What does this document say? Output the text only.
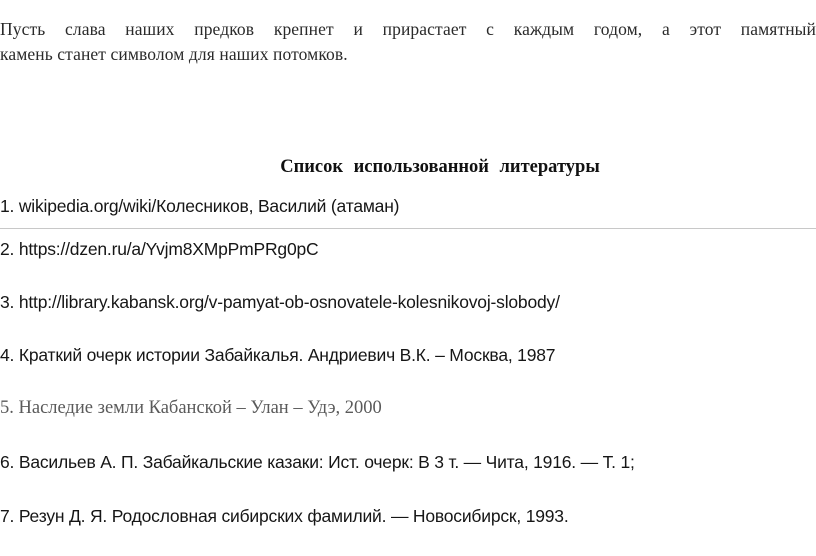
Пусть слава наших предков крепнет и прирастает с каждым годом, а этот памятный
камень станет символом для наших потомков.

Список использованной литературы

1. wikipedia.org/wiki/Колесников, Василий (атаман)

2. https://dzen.ru/a/Yvjm8XMpPmPRg0pC

3. http://library.kabansk.org/v-pamyat-ob-osnovatele-kolesnikovoj-slobody/

4. Краткий очерк истории Забайкалья. Андриевич В.К. – Москва, 1987

5. Наследие земли Кабанской – Улан – Удэ, 2000

6. Васильев А. П. Забайкальские казаки: Ист. очерк: В 3 т. — Чита, 1916. — Т. 1;

7. Резун Д. Я. Родословная сибирских фамилий. — Новосибирск, 1993.
